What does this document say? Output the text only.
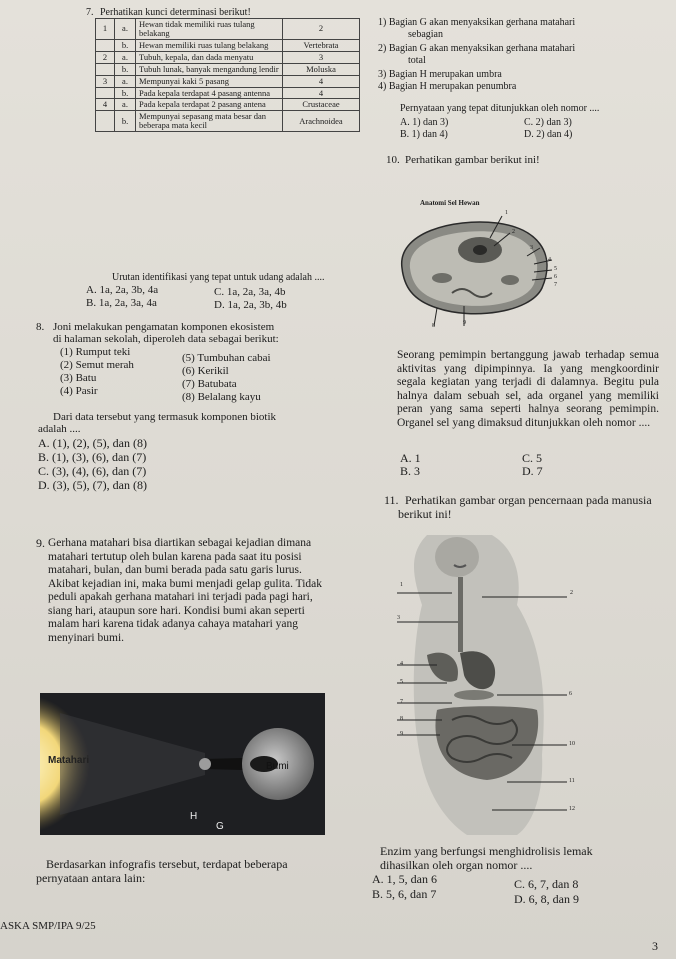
7. Perhatikan kunci determinasi berikut!
1	a.	Hewan tidak memiliki ruas tulang belakang	2
	b.	Hewan memiliki ruas tulang belakang	Vertebrata
2	a.	Tubuh, kepala, dan dada menyatu	3
	b.	Tubuh lunak, banyak mengandung lendir	Moluska
3	a.	Mempunyai kaki 5 pasang	4
	b.	Pada kepala terdapat 4 pasang antenna	4
4	a.	Pada kepala terdapat 2 pasang antena	Crustaceae
	b.	Mempunyai sepasang mata besar dan beberapa mata kecil	Arachnoidea
Urutan identifikasi yang tepat untuk udang adalah ....
A. 1a, 2a, 3b, 4a
B. 1a, 2a, 3a, 4a
C. 1a, 2a, 3a, 4b
D. 1a, 2a, 3b, 4b
8. Joni melakukan pengamatan komponen ekosistem
di halaman sekolah, diperoleh data sebagai berikut:
(1) Rumput teki
(2) Semut merah
(3) Batu
(4) Pasir
(5) Tumbuhan cabai
(6) Kerikil
(7) Batubata
(8) Belalang kayu
Dari data tersebut yang termasuk komponen biotik
adalah ....
A. (1), (2), (5), dan (8)
B. (1), (3), (6), dan (7)
C. (3), (4), (6), dan (7)
D. (3), (5), (7), dan (8)
9. Gerhana matahari bisa diartikan sebagai kejadian dimana matahari tertutup oleh bulan karena pada saat itu posisi matahari, bulan, dan bumi berada pada satu garis lurus. Akibat kejadian ini, maka bumi menjadi gelap gulita. Tidak peduli apakah gerhana matahari ini terjadi pada pagi hari, siang hari, ataupun sore hari. Kondisi bumi akan seperti malam hari karena tidak adanya cahaya matahari yang menyinari bumi.
Matahari
Bumi
H
G
Berdasarkan infografis tersebut, terdapat beberapa
pernyataan antara lain:
1) Bagian G akan menyaksikan gerhana matahari
sebagian
2) Bagian G akan menyaksikan gerhana matahari
total
3) Bagian H merupakan umbra
4) Bagian H merupakan penumbra
Pernyataan yang tepat ditunjukkan oleh nomor ....
A. 1) dan 3)
B. 1) dan 4)
C. 2) dan 3)
D. 2) dan 4)
10. Perhatikan gambar berikut ini!
Anatomi Sel Hewan
1
2
3
4
5
6
7
8	9
Seorang pemimpin bertanggung jawab terhadap semua aktivitas yang dipimpinnya. Ia yang mengkoordinir segala kegiatan yang terjadi di dalamnya. Begitu pula halnya dalam sebuah sel, ada organel yang memiliki peran yang sama seperti halnya seorang pemimpin. Organel sel yang dimaksud ditunjukkan oleh nomor ....
A. 1
B. 3
C. 5
D. 7
11. Perhatikan gambar organ pencernaan pada manusia
berikut ini!
1
2
3
4
5
6
7
8
9
10
11
12
Enzim yang berfungsi menghidrolisis lemak
dihasilkan oleh organ nomor ....
A. 1, 5, dan 6
B. 5, 6, dan 7
C. 6, 7, dan 8
D. 6, 8, dan 9
ASKA SMP/IPA 9/25
3
